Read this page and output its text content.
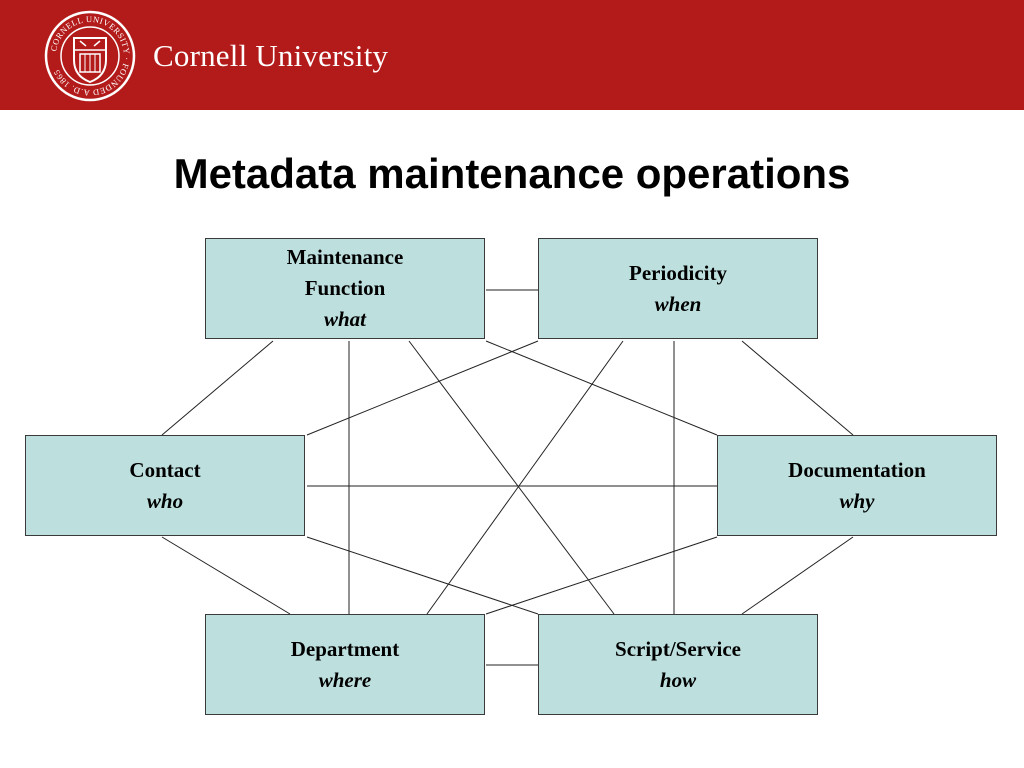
CORNELL UNIVERSITY · FOUNDED A.D. 1865	Cornell University
Metadata maintenance operations
Maintenance Function
what
Periodicity
when
Contact
who
Documentation
why
Department
where
Script/Service
how
